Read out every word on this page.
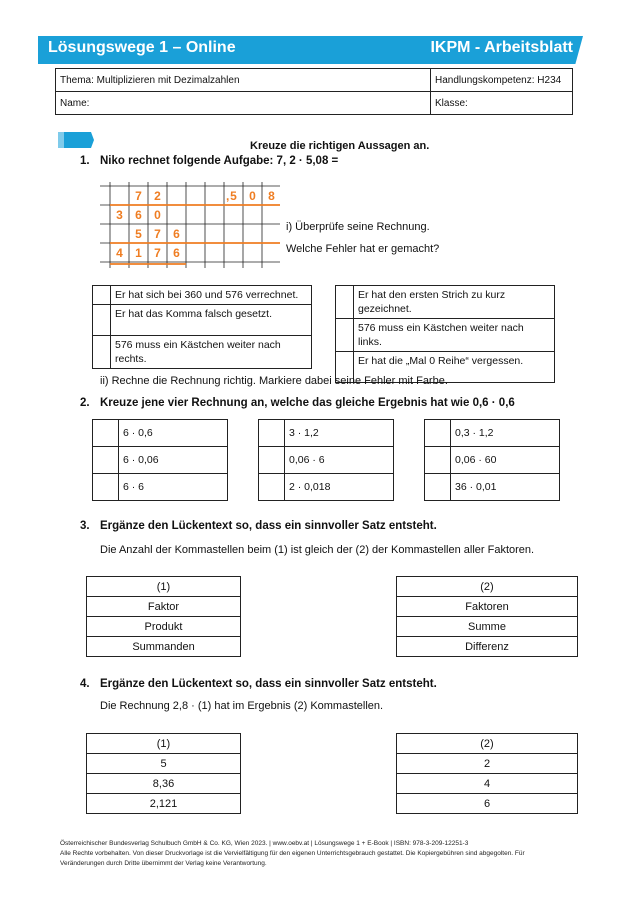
Lösungswege 1 – Online	IKPM - Arbeitsblatt
Thema: Multiplizieren mit Dezimalzahlen	Handlungskompetenz: H234
Name:	Klasse:
Kreuze die richtigen Aussagen an.
1. Niko rechnet folgende Aufgabe: 7, 2 · 5,08 =
7 2	5 0 8
3 6 0
5 7 6
4 1 7 6
,
i) Überprüfe seine Rechnung.
Welche Fehler hat er gemacht?
	Er hat sich bei 360 und 576 verrechnet.
	Er hat das Komma falsch gesetzt.
	576 muss ein Kästchen weiter nach rechts.
	Er hat den ersten Strich zu kurz gezeichnet.
	576 muss ein Kästchen weiter nach links.
	Er hat die „Mal 0 Reihe“ vergessen.
ii) Rechne die Rechnung richtig. Markiere dabei seine Fehler mit Farbe.
2. Kreuze jene vier Rechnung an, welche das gleiche Ergebnis hat wie 0,6 · 0,6
	6 · 0,6
	6 · 0,06
	6 · 6
	3 · 1,2
	0,06 · 6
	2 · 0,018
	0,3 · 1,2
	0,06 · 60
	36 · 0,01
3. Ergänze den Lückentext so, dass ein sinnvoller Satz entsteht.
Die Anzahl der Kommastellen beim (1) ist gleich der (2) der Kommastellen aller Faktoren.
(1)
Faktor
Produkt
Summanden
(2)
Faktoren
Summe
Differenz
4. Ergänze den Lückentext so, dass ein sinnvoller Satz entsteht.
Die Rechnung 2,8 · (1) hat im Ergebnis (2) Kommastellen.
(1)
5
8,36
2,121
(2)
2
4
6
Österreichischer Bundesverlag Schulbuch GmbH & Co. KG, Wien 2023. | www.oebv.at | Lösungswege 1 + E-Book | ISBN: 978-3-209-12251-3
Alle Rechte vorbehalten. Von dieser Druckvorlage ist die Vervielfältigung für den eigenen Unterrichtsgebrauch gestattet. Die Kopiergebühren sind abgegolten. Für
Veränderungen durch Dritte übernimmt der Verlag keine Verantwortung.
